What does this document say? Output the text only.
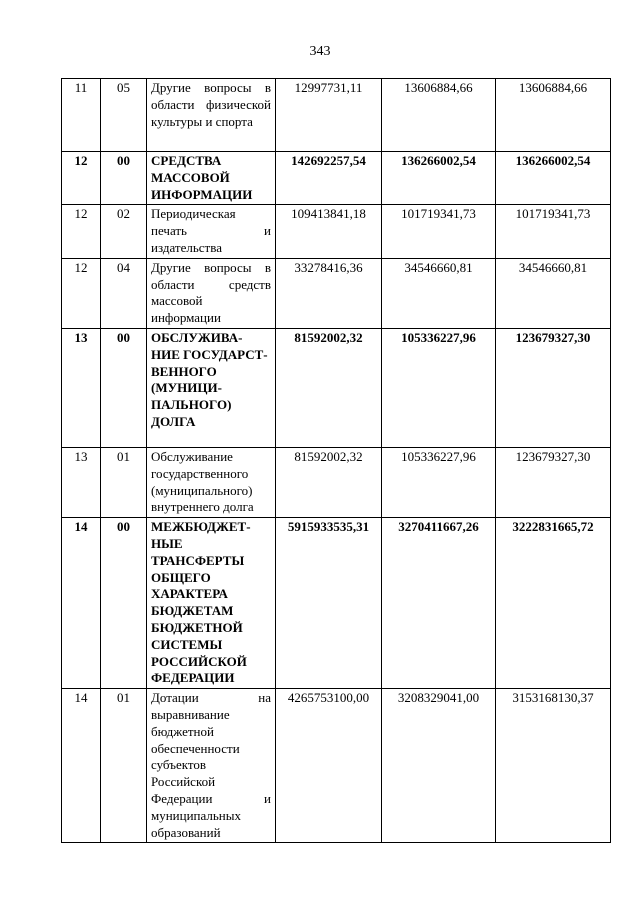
343
11	05	Другие вопросы в области физической культуры и спорта	12997731,11	13606884,66	13606884,66
12	00	СРЕДСТВА МАССОВОЙ ИНФОРМАЦИИ	142692257,54	136266002,54	136266002,54
12	02	Периодическая печать и издательства	109413841,18	101719341,73	101719341,73
12	04	Другие вопросы в области средств массовой информации	33278416,36	34546660,81	34546660,81
13	00	ОБСЛУЖИВА-НИЕ ГОСУДАРСТ-ВЕННОГО (МУНИЦИ-ПАЛЬНОГО) ДОЛГА	81592002,32	105336227,96	123679327,30
13	01	Обслуживание государственного (муниципального) внутреннего долга	81592002,32	105336227,96	123679327,30
14	00	МЕЖБЮДЖЕТ-НЫЕ ТРАНСФЕРТЫ ОБЩЕГО ХАРАКТЕРА БЮДЖЕТАМ БЮДЖЕТНОЙ СИСТЕМЫ РОССИЙСКОЙ ФЕДЕРАЦИИ	5915933535,31	3270411667,26	3222831665,72
14	01	Дотации на выравнивание бюджетной обеспеченности субъектов Российской Федерации и муниципальных образований	4265753100,00	3208329041,00	3153168130,37
